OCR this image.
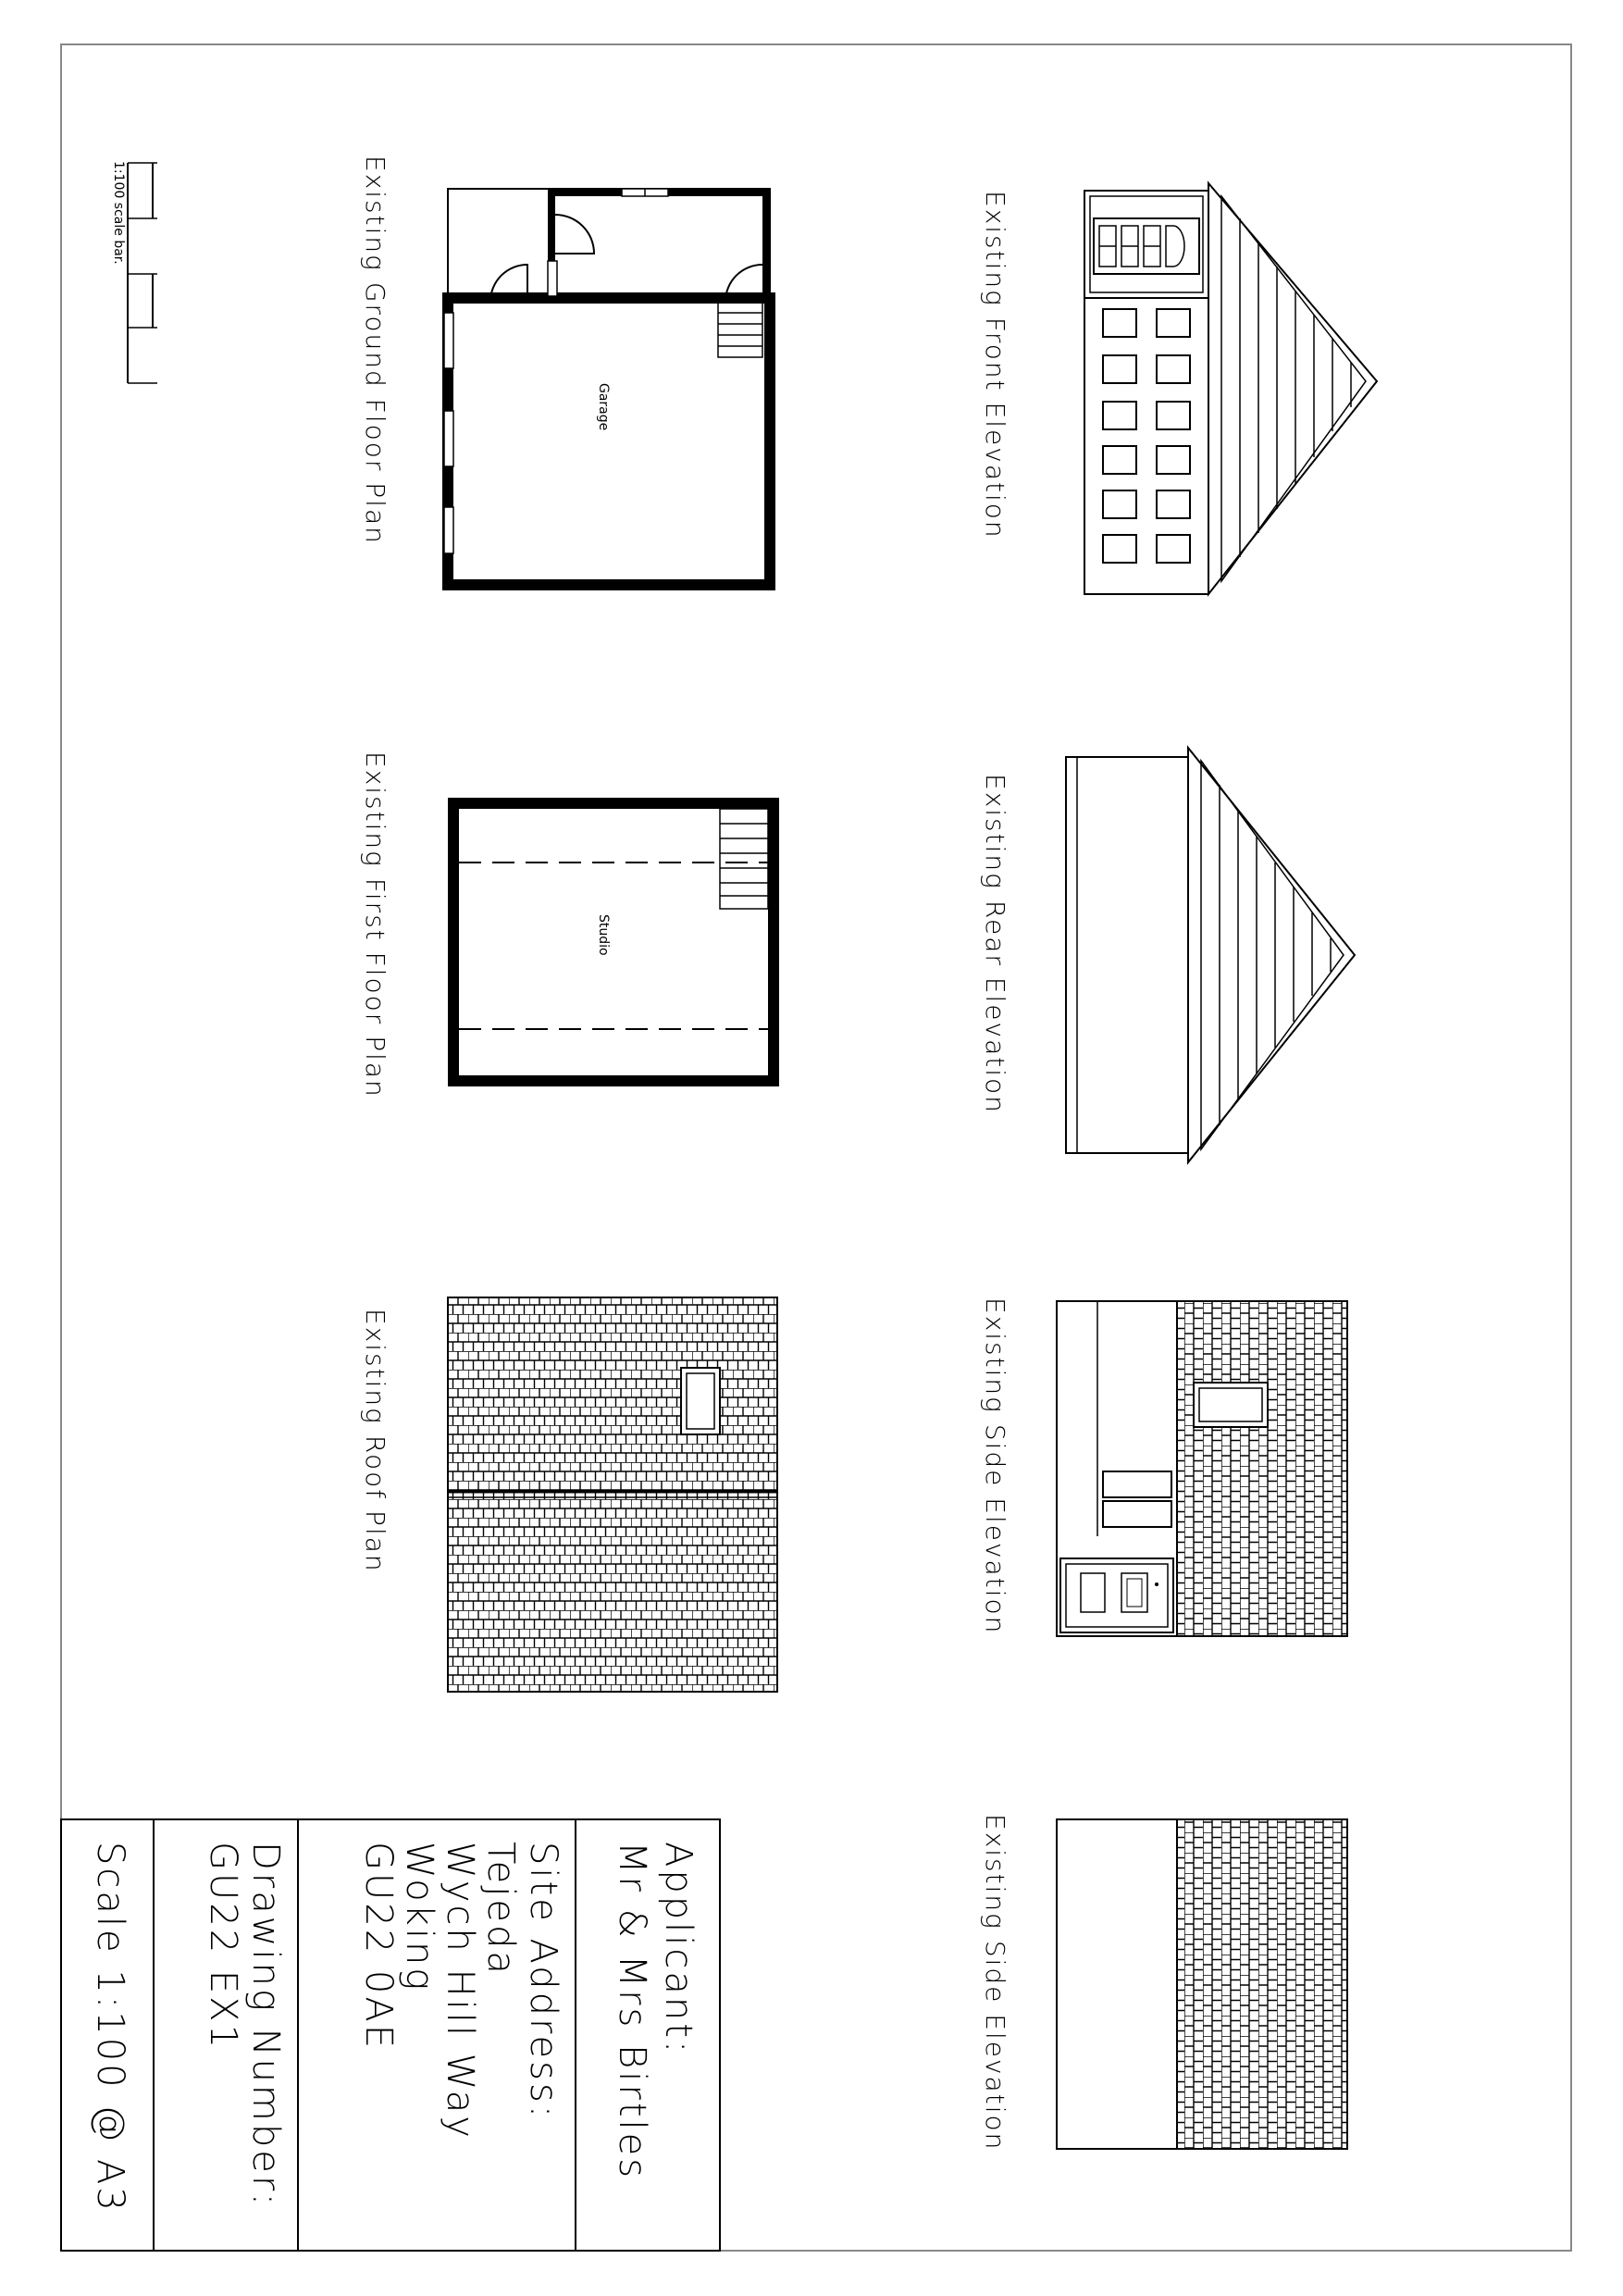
1:100 scale bar.
Garage
Existing Ground Floor Plan
Studio
Existing First Floor Plan
Existing Roof Plan
Existing Front Elevation
Existing Rear Elevation
Existing Side Elevation
Existing Side Elevation
Applicant:
Mr & Mrs Birtles
Site Address:
Tejeda
Wych Hill Way
Woking
GU22 0AE
Drawing Number:
GU22 EX1
Scale 1:100 @ A3
